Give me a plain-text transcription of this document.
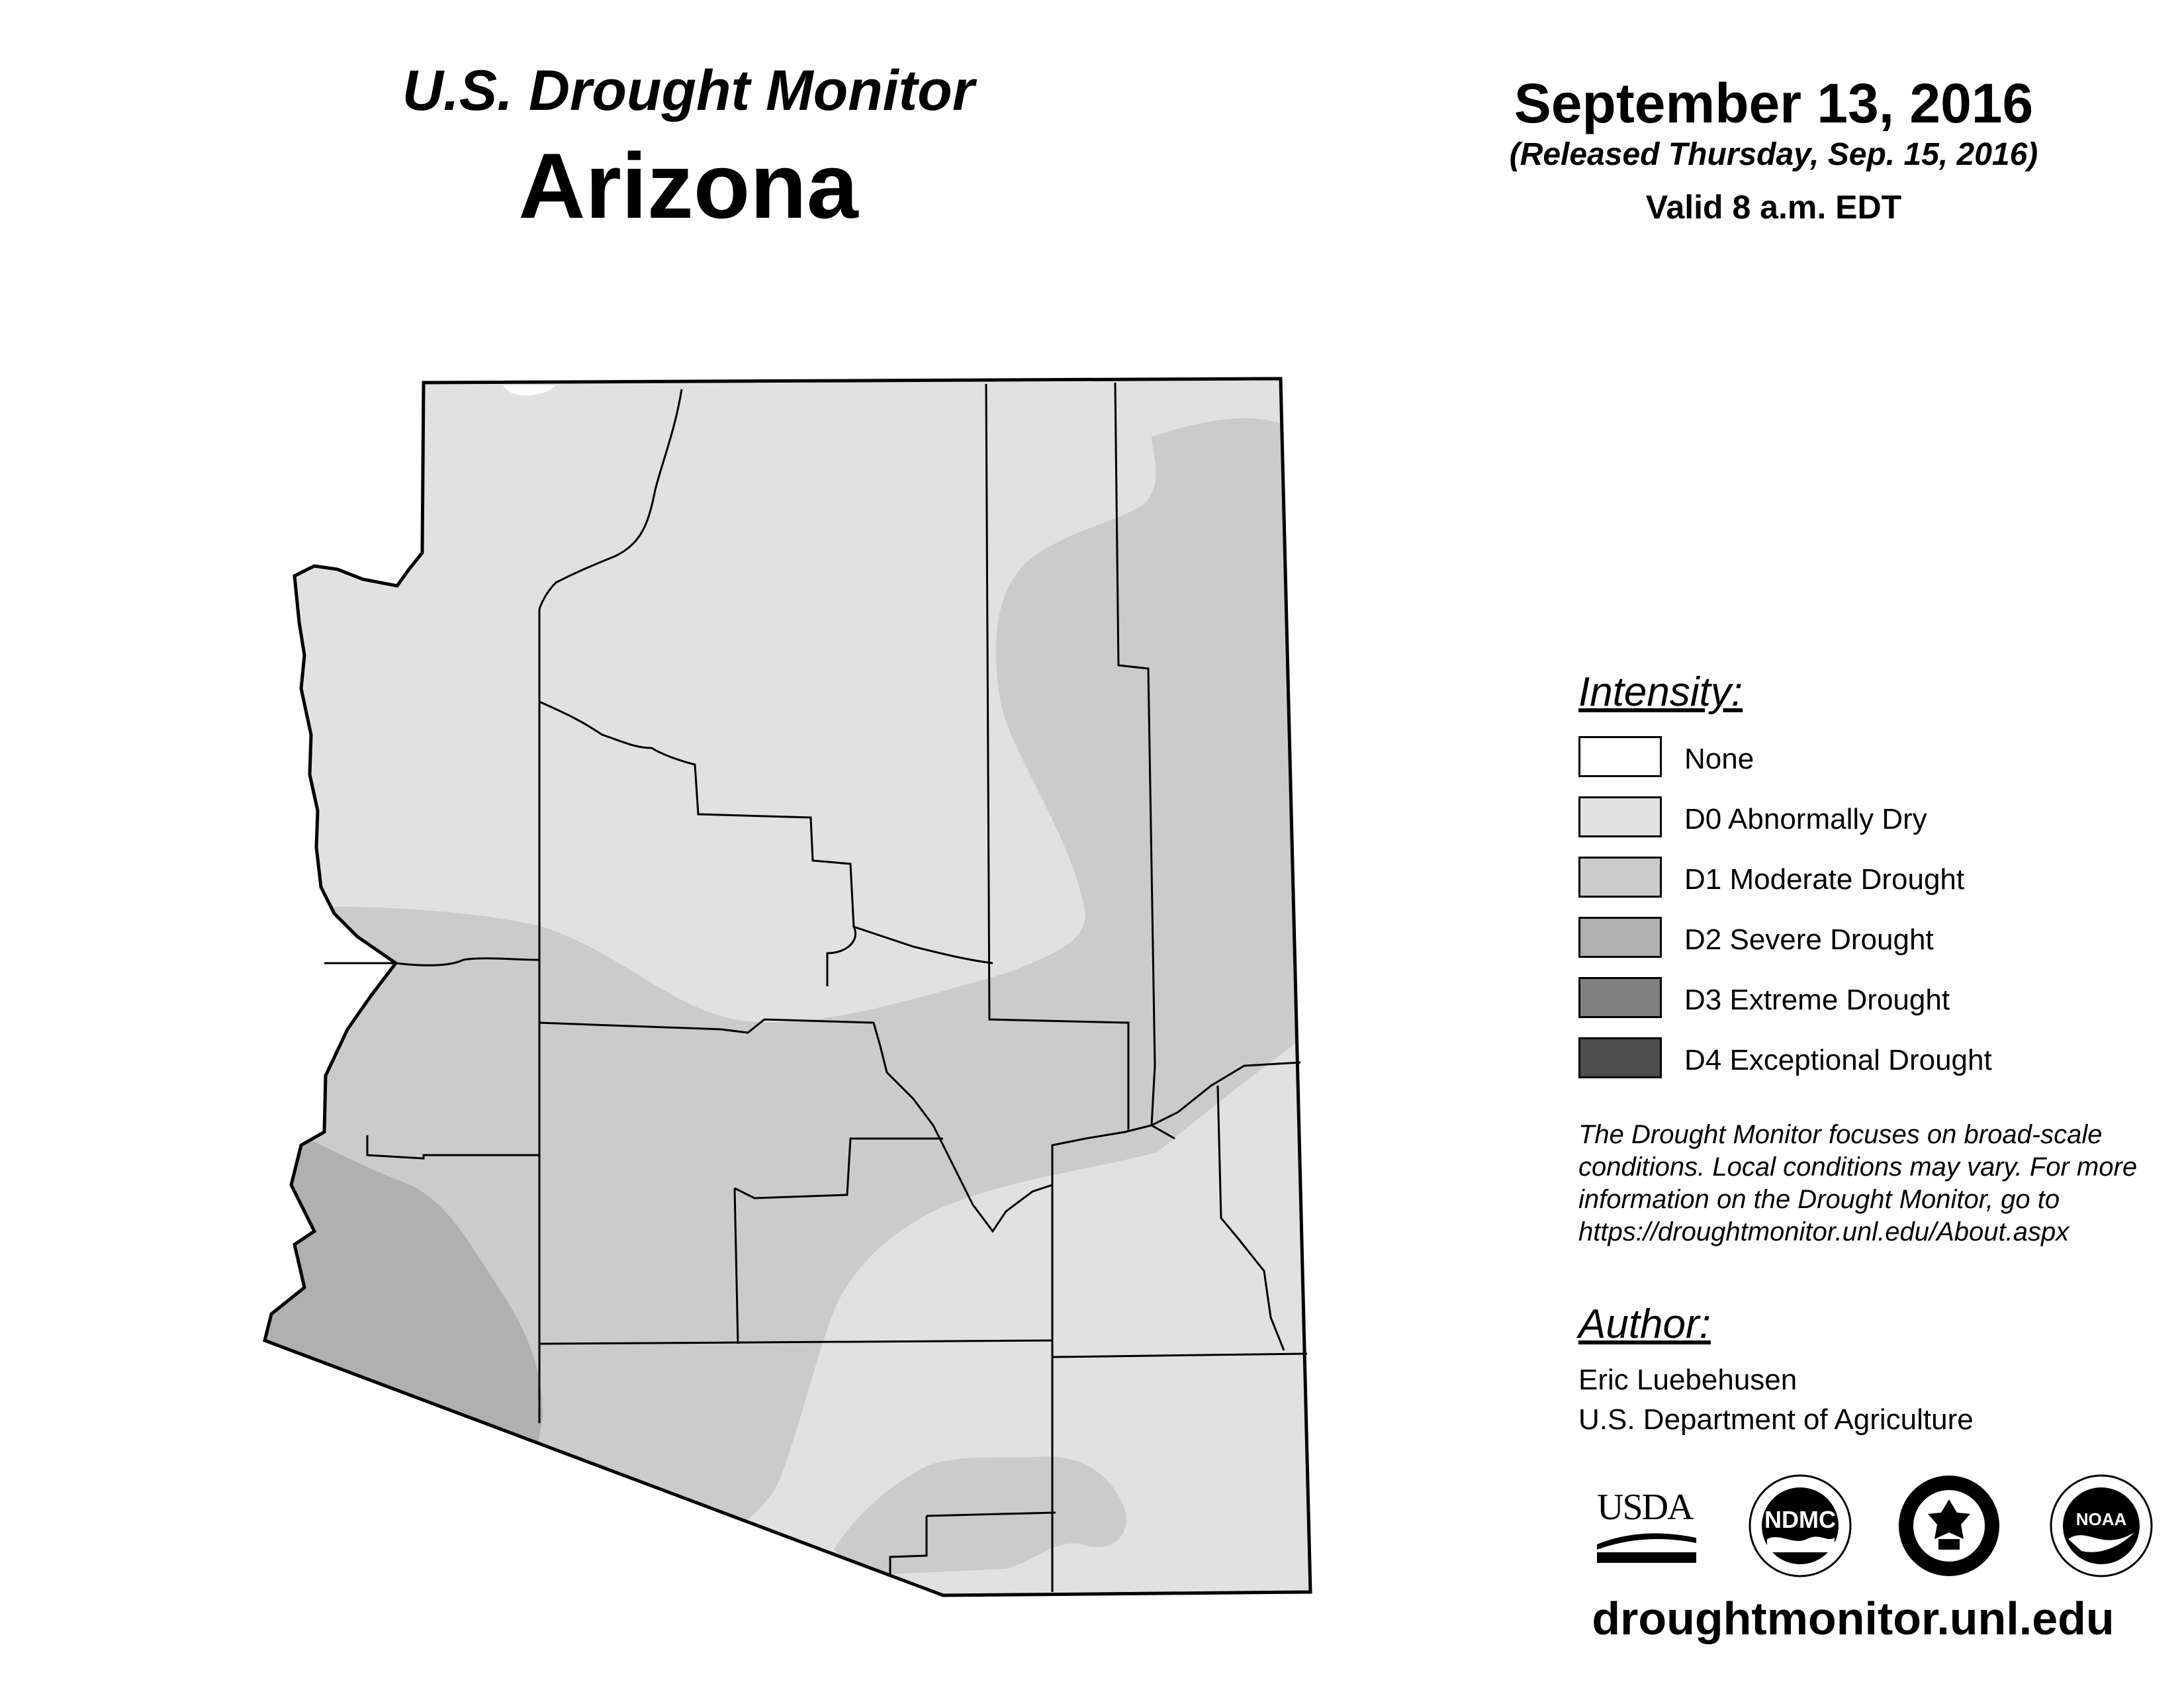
U.S. Drought Monitor
Arizona
September 13, 2016
(Released Thursday, Sep. 15, 2016)
Valid 8 a.m. EDT
Intensity:
None
D0 Abnormally Dry
D1 Moderate Drought
D2 Severe Drought
D3 Extreme Drought
D4 Exceptional Drought
The Drought Monitor focuses on broad-scale
conditions. Local conditions may vary. For more
information on the Drought Monitor, go to
https://droughtmonitor.unl.edu/About.aspx
Author:
Eric Luebehusen
U.S. Department of Agriculture
USDA	NDMC	NOAA
droughtmonitor.unl.edu
